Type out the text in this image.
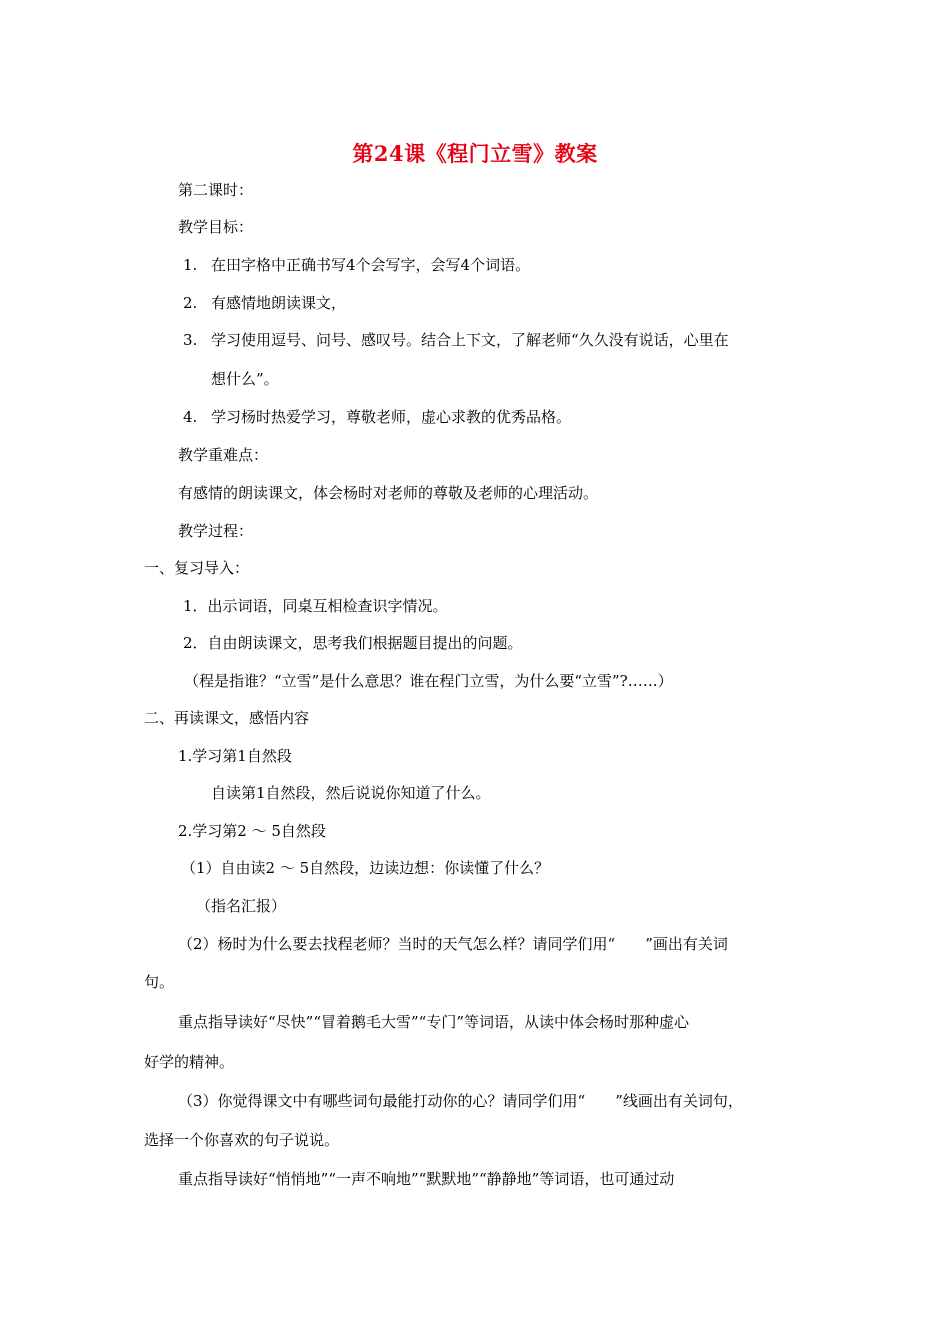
第24课《程门立雪》教案
第二课时：
教学目标：
1. 在田字格中正确书写4个会写字，会写4个词语。
2. 有感情地朗读课文，
3. 学习使用逗号、问号、感叹号。结合上下文，了解老师“久久没有说话，心里在
想什么”。
4. 学习杨时热爱学习，尊敬老师，虚心求教的优秀品格。
教学重难点：
有感情的朗读课文，体会杨时对老师的尊敬及老师的心理活动。
教学过程：
一、复习导入：
1．出示词语，同桌互相检查识字情况。
2．自由朗读课文，思考我们根据题目提出的问题。
（程是指谁？“立雪”是什么意思？谁在程门立雪，为什么要“立雪”?……）
二、再读课文，感悟内容
1.学习第1自然段
自读第1自然段，然后说说你知道了什么。
2.学习第2 ～ 5自然段
（1）自由读2 ～ 5自然段，边读边想：你读懂了什么？
（指名汇报）
（2）杨时为什么要去找程老师？当时的天气怎么样？请同学们用“　　”画出有关词
句。
重点指导读好“尽快”“冒着鹅毛大雪”“专门”等词语，从读中体会杨时那种虚心
好学的精神。
（3）你觉得课文中有哪些词句最能打动你的心？请同学们用“　　”线画出有关词句，
选择一个你喜欢的句子说说。
重点指导读好“悄悄地”“一声不响地”“默默地”“静静地”等词语，也可通过动
